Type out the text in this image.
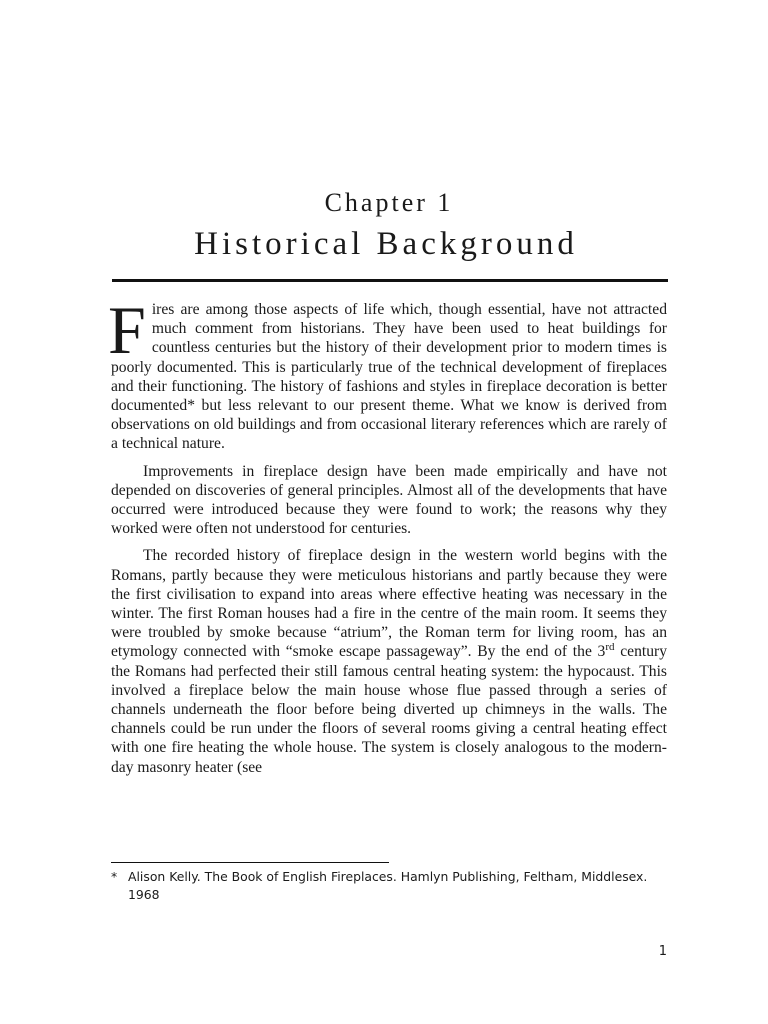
Chapter 1
Historical Background

Fires are among those aspects of life which, though essential, have not attracted much comment from historians. They have been used to heat buildings for countless centuries but the history of their development prior to modern times is poorly documented. This is particularly true of the technical development of fireplaces and their functioning. The history of fashions and styles in fireplace decoration is better documented* but less relevant to our present theme. What we know is derived from observations on old buildings and from occasional literary references which are rarely of a technical nature.

Improvements in fireplace design have been made empirically and have not depended on discoveries of general principles. Almost all of the developments that have occurred were introduced because they were found to work; the reasons why they worked were often not understood for centuries.

The recorded history of fireplace design in the western world begins with the Romans, partly because they were meticulous historians and partly because they were the first civilisation to expand into areas where effective heating was necessary in the winter. The first Roman houses had a fire in the centre of the main room. It seems they were troubled by smoke because “atrium”, the Roman term for living room, has an etymology connected with “smoke escape passageway”. By the end of the 3rd century the Romans had perfected their still famous central heating system: the hypocaust. This involved a fireplace below the main house whose flue passed through a series of channels underneath the floor before being diverted up chimneys in the walls. The channels could be run under the floors of several rooms giving a central heating effect with one fire heating the whole house. The system is closely analogous to the modern-day masonry heater (see

* Alison Kelly. The Book of English Fireplaces. Hamlyn Publishing, Feltham, Middlesex. 1968
1
